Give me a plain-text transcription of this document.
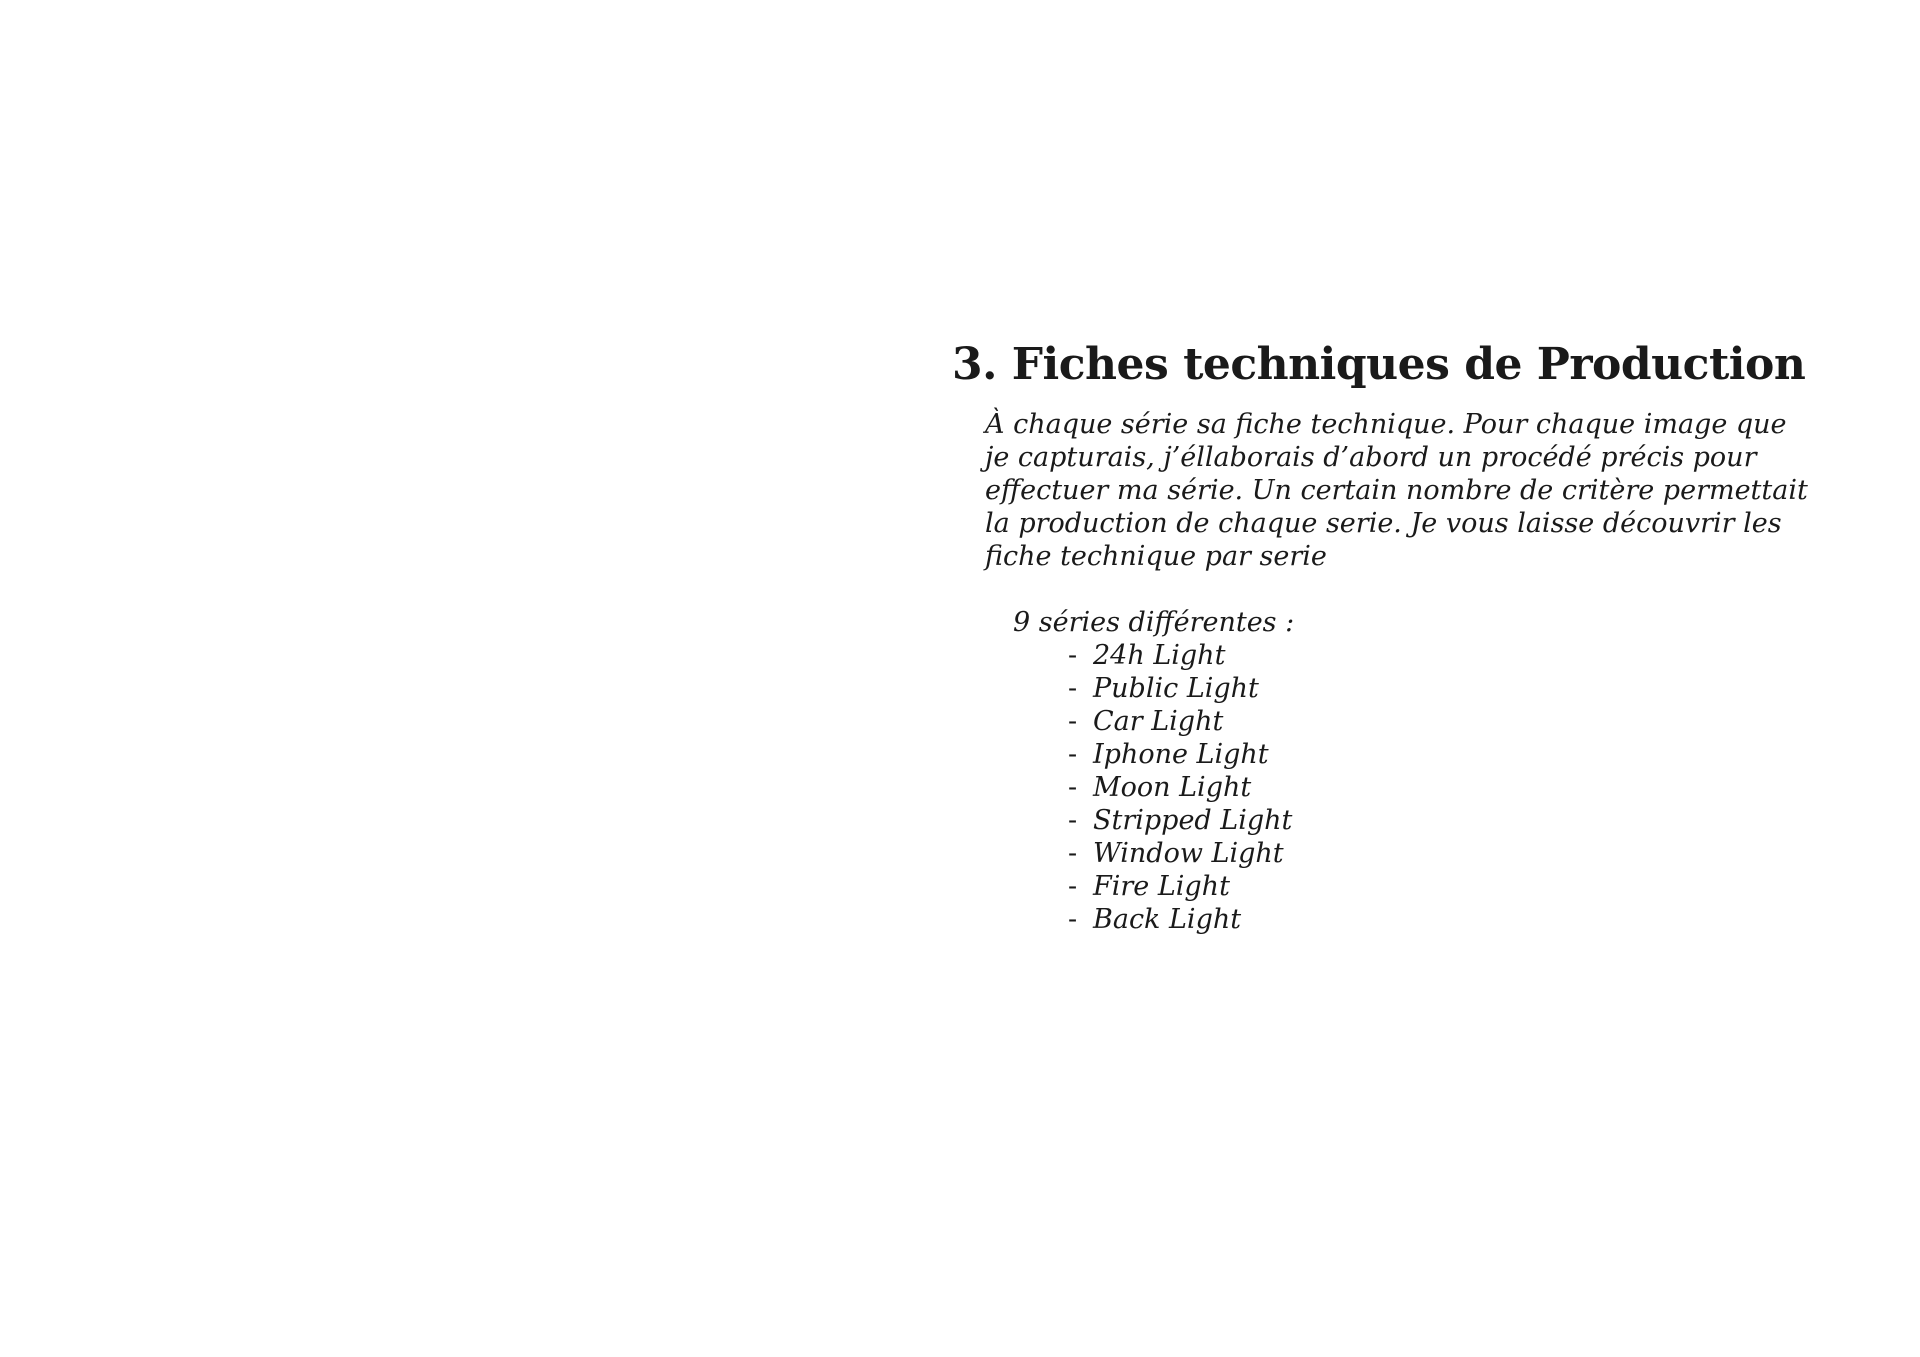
3. Fiches techniques de Production

À chaque série sa fiche technique. Pour chaque image que
je capturais, j’éllaborais d’abord un procédé précis pour
effectuer ma série. Un certain nombre de critère permettait
la production de chaque serie. Je vous laisse découvrir les
fiche technique par serie

9 séries différentes :

- 24h Light
- Public Light
- Car Light
- Iphone Light
- Moon Light
- Stripped Light
- Window Light
- Fire Light
- Back Light
